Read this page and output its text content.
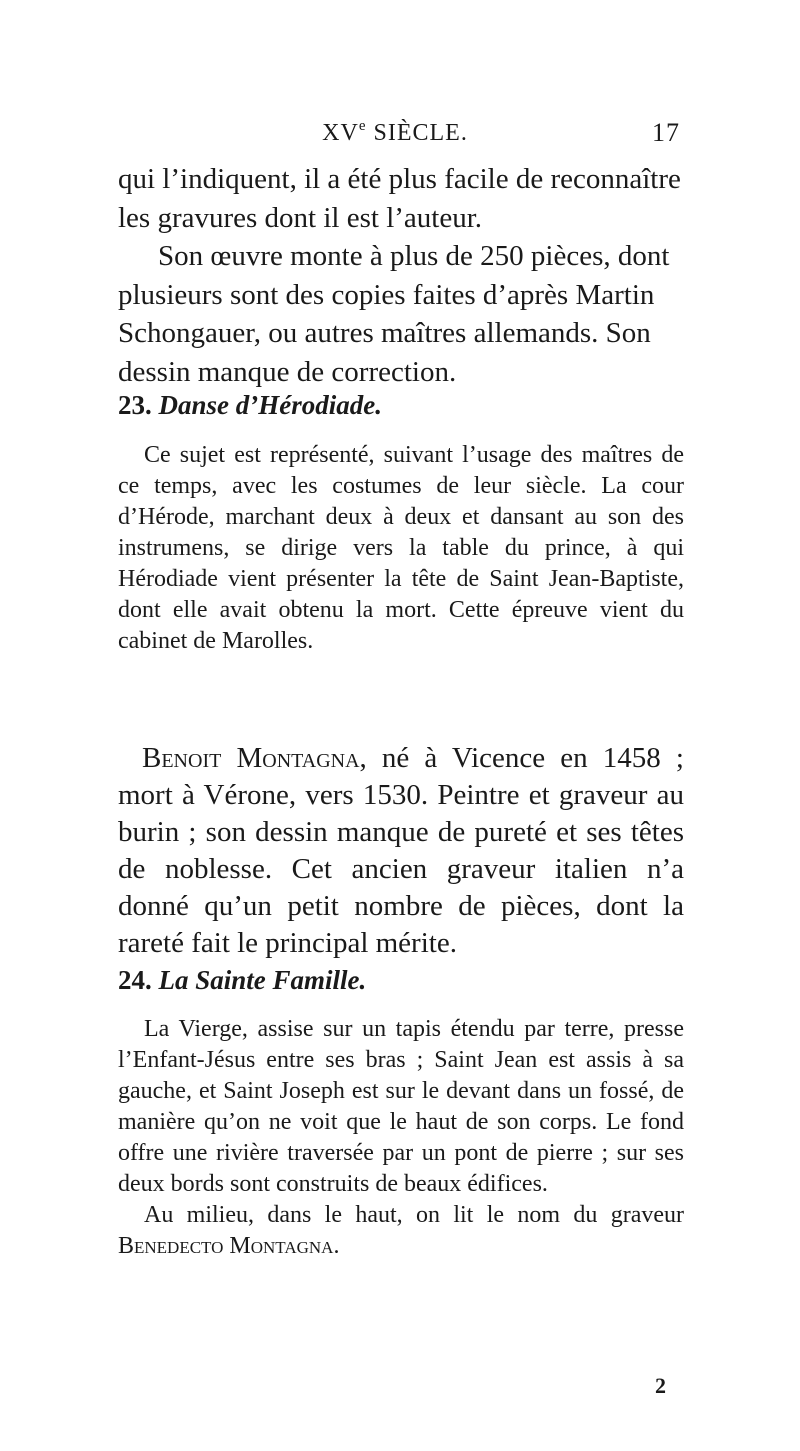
XVe SIÈCLE.	17

qui l’indiquent, il a été plus facile de reconnaître les gravures dont il est l’auteur.

Son œuvre monte à plus de 250 pièces, dont plusieurs sont des copies faites d’après Martin Schongauer, ou autres maîtres allemands. Son dessin manque de correction.

23. Danse d’Hérodiade.

Ce sujet est représenté, suivant l’usage des maîtres de ce temps, avec les costumes de leur siècle. La cour d’Hérode, marchant deux à deux et dansant au son des instrumens, se dirige vers la table du prince, à qui Hérodiade vient présenter la tête de Saint Jean-Baptiste, dont elle avait obtenu la mort. Cette épreuve vient du cabinet de Marolles.

Benoit Montagna, né à Vicence en 1458 ; mort à Vérone, vers 1530. Peintre et graveur au burin ; son dessin manque de pureté et ses têtes de noblesse. Cet ancien graveur italien n’a donné qu’un petit nombre de pièces, dont la rareté fait le principal mérite.

24. La Sainte Famille.

La Vierge, assise sur un tapis étendu par terre, presse l’Enfant-Jésus entre ses bras ; Saint Jean est assis à sa gauche, et Saint Joseph est sur le devant dans un fossé, de manière qu’on ne voit que le haut de son corps. Le fond offre une rivière traversée par un pont de pierre ; sur ses deux bords sont construits de beaux édifices.

Au milieu, dans le haut, on lit le nom du graveur Benedecto Montagna.

2
